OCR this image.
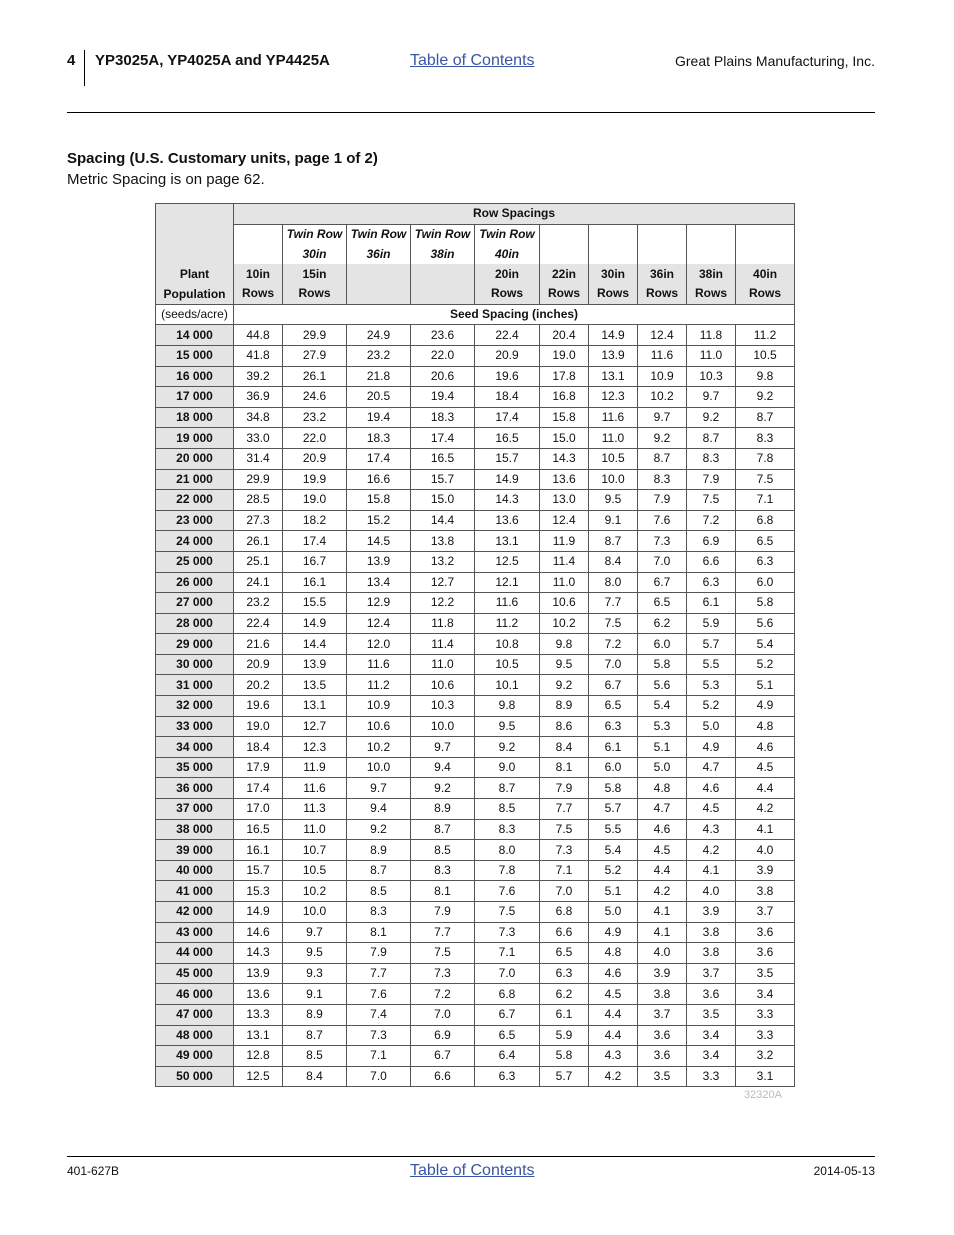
4 YP3025A, YP4025A and YP4425A	Table of Contents	Great Plains Manufacturing, Inc.
Spacing (U.S. Customary units, page 1 of 2)
Metric Spacing is on page 62.
Plant
Population	Row Spacings									
		Twin Row	Twin Row	Twin Row	Twin Row					
		30in	36in	38in	40in					
	10in	15in			20in	22in	30in	36in	38in	40in
	Rows	Rows			Rows	Rows	Rows	Rows	Rows	Rows
(seeds/acre)	Seed Spacing (inches)									
14 000	44.8	29.9	24.9	23.6	22.4	20.4	14.9	12.4	11.8	11.2
15 000	41.8	27.9	23.2	22.0	20.9	19.0	13.9	11.6	11.0	10.5
16 000	39.2	26.1	21.8	20.6	19.6	17.8	13.1	10.9	10.3	9.8
17 000	36.9	24.6	20.5	19.4	18.4	16.8	12.3	10.2	9.7	9.2
18 000	34.8	23.2	19.4	18.3	17.4	15.8	11.6	9.7	9.2	8.7
19 000	33.0	22.0	18.3	17.4	16.5	15.0	11.0	9.2	8.7	8.3
20 000	31.4	20.9	17.4	16.5	15.7	14.3	10.5	8.7	8.3	7.8
21 000	29.9	19.9	16.6	15.7	14.9	13.6	10.0	8.3	7.9	7.5
22 000	28.5	19.0	15.8	15.0	14.3	13.0	9.5	7.9	7.5	7.1
23 000	27.3	18.2	15.2	14.4	13.6	12.4	9.1	7.6	7.2	6.8
24 000	26.1	17.4	14.5	13.8	13.1	11.9	8.7	7.3	6.9	6.5
25 000	25.1	16.7	13.9	13.2	12.5	11.4	8.4	7.0	6.6	6.3
26 000	24.1	16.1	13.4	12.7	12.1	11.0	8.0	6.7	6.3	6.0
27 000	23.2	15.5	12.9	12.2	11.6	10.6	7.7	6.5	6.1	5.8
28 000	22.4	14.9	12.4	11.8	11.2	10.2	7.5	6.2	5.9	5.6
29 000	21.6	14.4	12.0	11.4	10.8	9.8	7.2	6.0	5.7	5.4
30 000	20.9	13.9	11.6	11.0	10.5	9.5	7.0	5.8	5.5	5.2
31 000	20.2	13.5	11.2	10.6	10.1	9.2	6.7	5.6	5.3	5.1
32 000	19.6	13.1	10.9	10.3	9.8	8.9	6.5	5.4	5.2	4.9
33 000	19.0	12.7	10.6	10.0	9.5	8.6	6.3	5.3	5.0	4.8
34 000	18.4	12.3	10.2	9.7	9.2	8.4	6.1	5.1	4.9	4.6
35 000	17.9	11.9	10.0	9.4	9.0	8.1	6.0	5.0	4.7	4.5
36 000	17.4	11.6	9.7	9.2	8.7	7.9	5.8	4.8	4.6	4.4
37 000	17.0	11.3	9.4	8.9	8.5	7.7	5.7	4.7	4.5	4.2
38 000	16.5	11.0	9.2	8.7	8.3	7.5	5.5	4.6	4.3	4.1
39 000	16.1	10.7	8.9	8.5	8.0	7.3	5.4	4.5	4.2	4.0
40 000	15.7	10.5	8.7	8.3	7.8	7.1	5.2	4.4	4.1	3.9
41 000	15.3	10.2	8.5	8.1	7.6	7.0	5.1	4.2	4.0	3.8
42 000	14.9	10.0	8.3	7.9	7.5	6.8	5.0	4.1	3.9	3.7
43 000	14.6	9.7	8.1	7.7	7.3	6.6	4.9	4.1	3.8	3.6
44 000	14.3	9.5	7.9	7.5	7.1	6.5	4.8	4.0	3.8	3.6
45 000	13.9	9.3	7.7	7.3	7.0	6.3	4.6	3.9	3.7	3.5
46 000	13.6	9.1	7.6	7.2	6.8	6.2	4.5	3.8	3.6	3.4
47 000	13.3	8.9	7.4	7.0	6.7	6.1	4.4	3.7	3.5	3.3
48 000	13.1	8.7	7.3	6.9	6.5	5.9	4.4	3.6	3.4	3.3
49 000	12.8	8.5	7.1	6.7	6.4	5.8	4.3	3.6	3.4	3.2
50 000	12.5	8.4	7.0	6.6	6.3	5.7	4.2	3.5	3.3	3.1
32320A
401-627B	Table of Contents	2014-05-13
